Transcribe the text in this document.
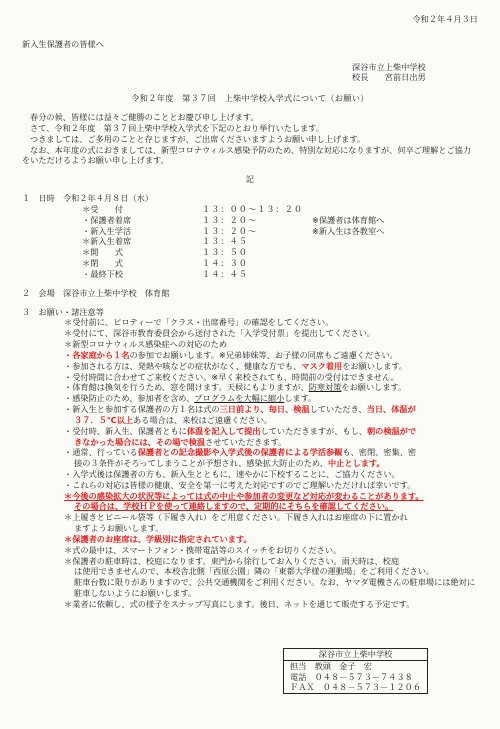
令和２年４月３日
新入生保護者の皆様へ
深谷市立上柴中学校
校長　　宮前日出男
令和２年度　第３７回　上柴中学校入学式について（お願い）

春分の候、皆様には益々ご健勝のこととお慶び申し上げます。

さて、令和２年度　第３７回上柴中学校入学式を下記のとおり挙行いたします。

つきましては、ご多用のことと存じますが、ご出席くださいますようお願い申し上げます。

なお、本年度の式におきましては、新型コロナウィルス感染予防のため、特別な対応になりますが、何卒ご理解とご協力をいただけるようお願い申し上げます。

記
１　日時　令和２年４月８日（水）
＊受　　付	１３：００～１３：２０	
・保護者着席	１３：２０～	※保護者は体育館へ
・新入生学活	１３：２０～	※新入生は各教室へ
＊新入生着席	１３：４５	
＊開　　式	１３：５０	
＊閉　　式	１４：３０	
・最終下校	１４：４５	
２　会場　深谷市立上柴中学校　体育館
３　お願い・諸注意等
＊受付前に、ピロティーで「クラス・出席番号」の確認をしてください。
＊受付にて、深谷市教育委員会から送付された「入学受付票」を提出してください。
＊新型コロナウィルス感染症への対応のため
・各家庭から１名の参加でお願いします。※兄弟姉妹等、お子様の同席もご遠慮ください。
・参加される方は、発熱や咳などの症状がなく、健康な方でも、マスク着用をお願いします。
・受付時間に合わせてご来校ください。※早く来校されても、時間前の受付はできません。
・体育館は換気を行うため、窓を開けます。天候にもよりますが、防寒対策をお願いします。
・感染防止のため、参加者を含め、プログラムを大幅に縮小します。
・新入生と参加する保護者の方１名は式の三日前より、毎日、検温していただき、当日、体温が
３７．５℃以上ある場合は、来校はご遠慮ください。
・受付時、新入生、保護者ともに体温を記入して提出していただきますが、もし、朝の検温がで
きなかった場合には、その場で検温させていただきます。
・通常、行っている保護者との記念撮影や入学式後の保護者による学活参観も、密閉、密集、密
接の３条件がそろってしまうことが予想され、感染拡大防止のため、中止とします。
・入学式後は保護者の方も、新入生とともに、速やかに下校することに、ご協力ください。
・これらの対応は皆様の健康、安全を第一に考えた対応ですのでご理解いただければ幸いです。
＊今後の感染拡大の状況等によっては式の中止や参加者の変更など対応が変わることがあります。
その場合は、学校ＨＰを使って連絡しますので、定期的にそちらを確認してください。
＊上履きとビニール袋等（下履き入れ）をご用意ください。下履き入れはお座席の下に置かれ
ますようお願いします。
＊保護者のお座席は、学級別に指定されています。
＊式の最中は、スマートフォン・携帯電話等のスイッチをお切りください。
＊保護者の駐車時は、校庭になります。東門から徐行してお入りください。雨天時は、校庭
は使用できませんので、本校舎北側「西原公園」隣の「東都大学様の運動場」をご利用ください。
駐車台数に限りがありますので、公共交通機関をご利用ください。なお、ヤマダ電機さんの駐車場には絶対に
駐車しないようにお願いします。
＊業者に依頼し、式の様子をスナップ写真にします。後日、ネットを通じて販売する予定です。
深谷市立上柴中学校

担当　教頭　金子　宏
電話　０４８－５７３－７４３８
ＦＡＸ　０４８－５７３－１２０６
